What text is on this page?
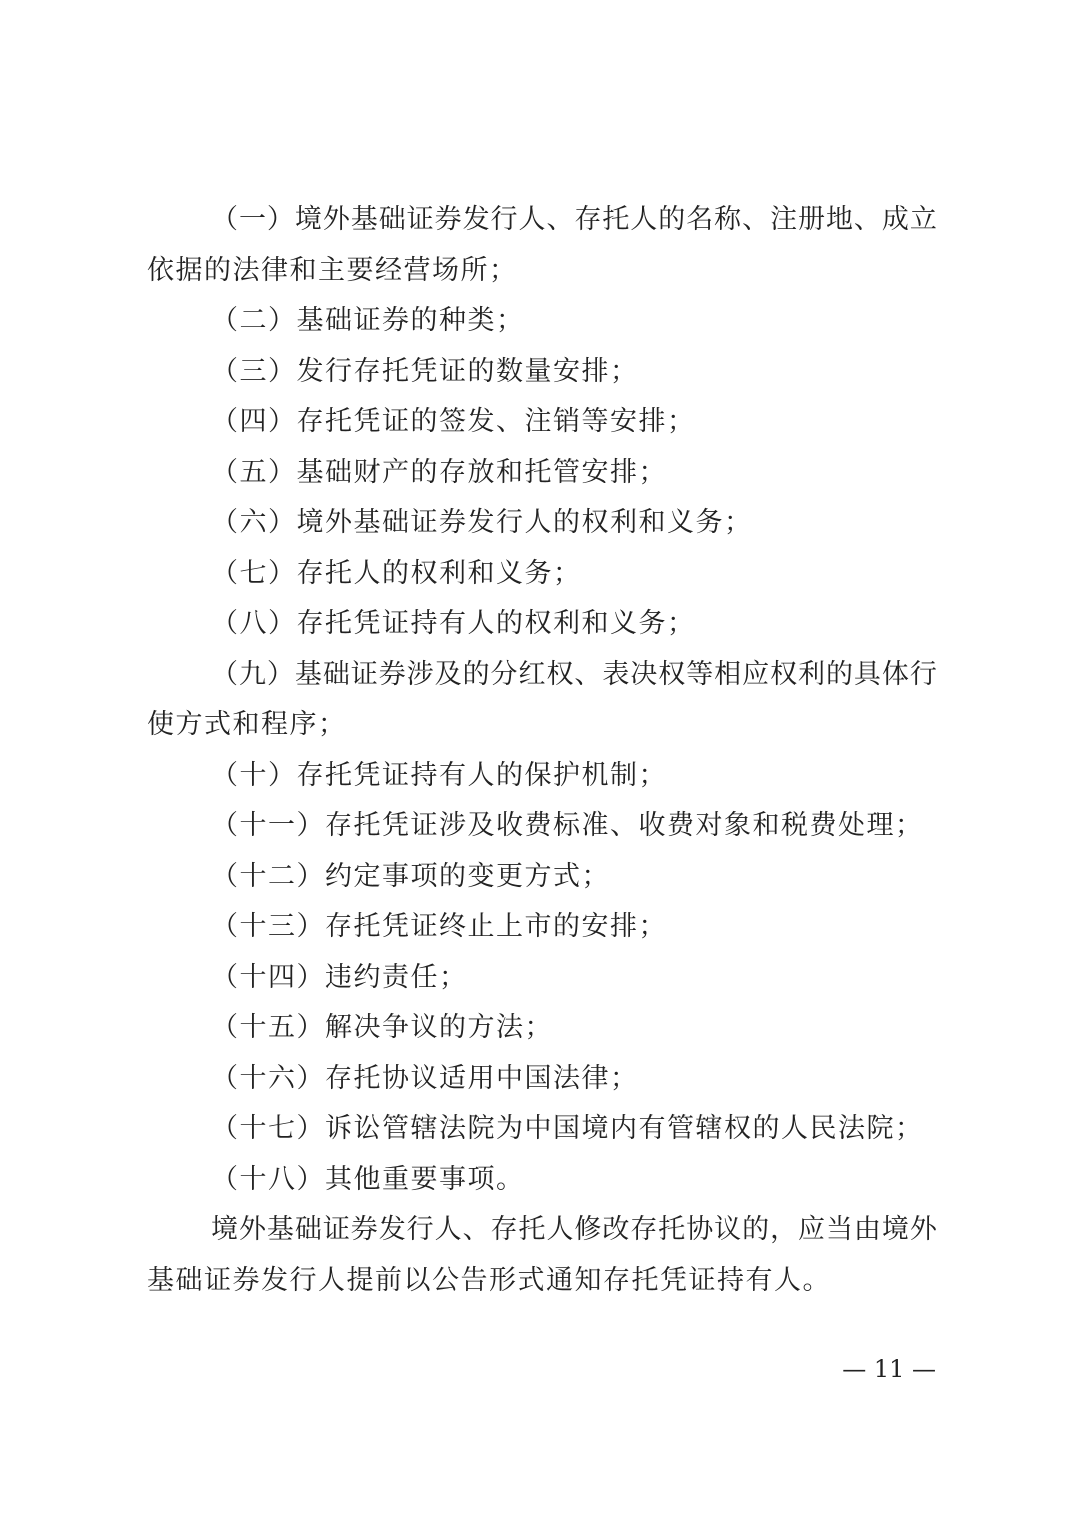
（ 一 ） 境 外 基 础 证 券 发 行 人 、 存 托 人 的 名 称 、 注 册 地 、 成 立
依据的法律和主要经营场所；
（二）基础证券的种类；
（三）发行存托凭证的数量安排；
（四）存托凭证的签发、注销等安排；
（五）基础财产的存放和托管安排；
（六）境外基础证券发行人的权利和义务；
（七）存托人的权利和义务；
（八）存托凭证持有人的权利和义务；
（ 九 ） 基 础 证 券 涉 及 的 分 红 权 、 表 决 权 等 相 应 权 利 的 具 体 行
使方式和程序；
（十）存托凭证持有人的保护机制；
（十一）存托凭证涉及收费标准、收费对象和税费处理；
（十二）约定事项的变更方式；
（十三）存托凭证终止上市的安排；
（十四）违约责任；
（十五）解决争议的方法；
（十六）存托协议适用中国法律；
（十七）诉讼管辖法院为中国境内有管辖权的人民法院；
（十八）其他重要事项。
境 外 基 础 证 券 发 行 人 、 存 托 人 修 改 存 托 协 议 的 ， 应 当 由 境 外
基础证券发行人提前以公告形式通知存托凭证持有人。
— 11 —
